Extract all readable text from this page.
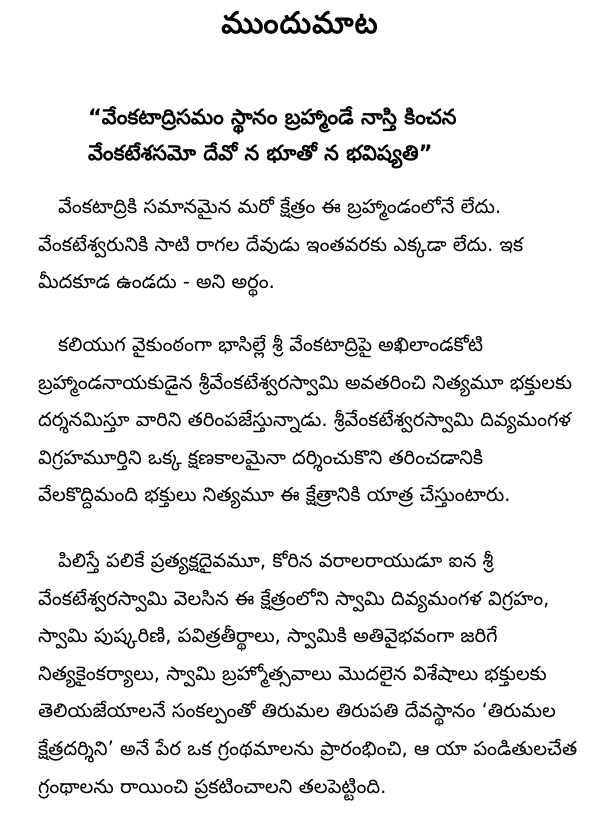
ముందుమాట
“వేంకటాద్రిసమం స్థానం బ్రహ్మాండే నాస్తి కించన
వేంకటేశసమో దేవో న భూతో న భవిష్యతి”
వేంకటాద్రికి సమానమైన మరో క్షేత్రం ఈ బ్రహ్మాండంలోనే లేదు.
వేంకటేశ్వరునికి సాటి రాగల దేవుడు ఇంతవరకు ఎక్కడా లేదు. ఇక
మీదకూడ ఉండదు - అని అర్థం.
కలియుగ వైకుంఠంగా భాసిల్లే శ్రీ వేంకటాద్రిపై అఖిలాండకోటి
బ్రహ్మాండనాయకుడైన శ్రీవేంకటేశ్వరస్వామి అవతరించి నిత్యమూ భక్తులకు
దర్శనమిస్తూ వారిని తరింపజేస్తున్నాడు. శ్రీవేంకటేశ్వరస్వామి దివ్యమంగళ
విగ్రహమూర్తిని ఒక్క క్షణకాలమైనా దర్శించుకొని తరించడానికి
వేలకొద్దిమంది భక్తులు నిత్యమూ ఈ క్షేత్రానికి యాత్ర చేస్తుంటారు.
పిలిస్తే పలికే ప్రత్యక్షదైవమూ, కోరిన వరాలరాయుడూ ఐన శ్రీ
వేంకటేశ్వరస్వామి వెలసిన ఈ క్షేత్రంలోని స్వామి దివ్యమంగళ విగ్రహం,
స్వామి పుష్కరిణి, పవిత్రతీర్థాలు, స్వామికి అతివైభవంగా జరిగే
నిత్యకైంకర్యాలు, స్వామి బ్రహ్మోత్సవాలు మొదలైన విశేషాలు భక్తులకు
తెలియజేయాలనే సంకల్పంతో తిరుమల తిరుపతి దేవస్థానం ‘తిరుమల
క్షేత్రదర్శిని’ అనే పేర ఒక గ్రంథమాలను ప్రారంభించి, ఆ యా పండితులచేత
గ్రంథాలను రాయించి ప్రకటించాలని తలపెట్టింది.
